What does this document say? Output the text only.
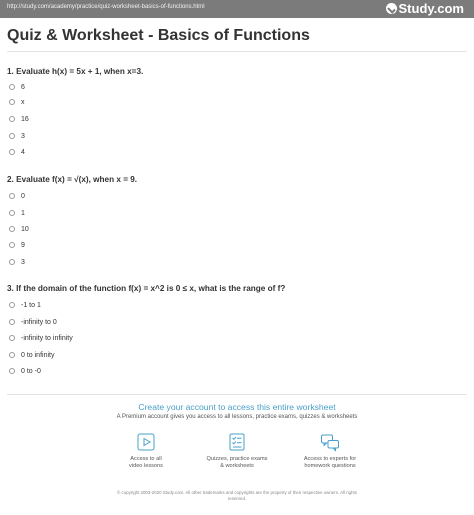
http://study.com/academy/practice/quiz-worksheet-basics-of-functions.html	Study.com
Quiz & Worksheet - Basics of Functions
1. Evaluate h(x) = 5x + 1, when x=3.
6
x
16
3
4
2. Evaluate f(x) = √(x), when x = 9.
0
1
10
9
3
3. If the domain of the function f(x) = x^2 is 0 ≤ x, what is the range of f?
-1 to 1
-infinity to 0
-infinity to infinity
0 to infinity
0 to -0
Create your account to access this entire worksheet
A Premium account gives you access to all lessons, practice exams, quizzes & worksheets
Access to all
video lessons
Quizzes, practice exams
& worksheets
Access to experts for
homework questions
© copyright 2003-2020 Study.com. All other trademarks and copyrights are the property of their respective owners. All rights
reserved.
